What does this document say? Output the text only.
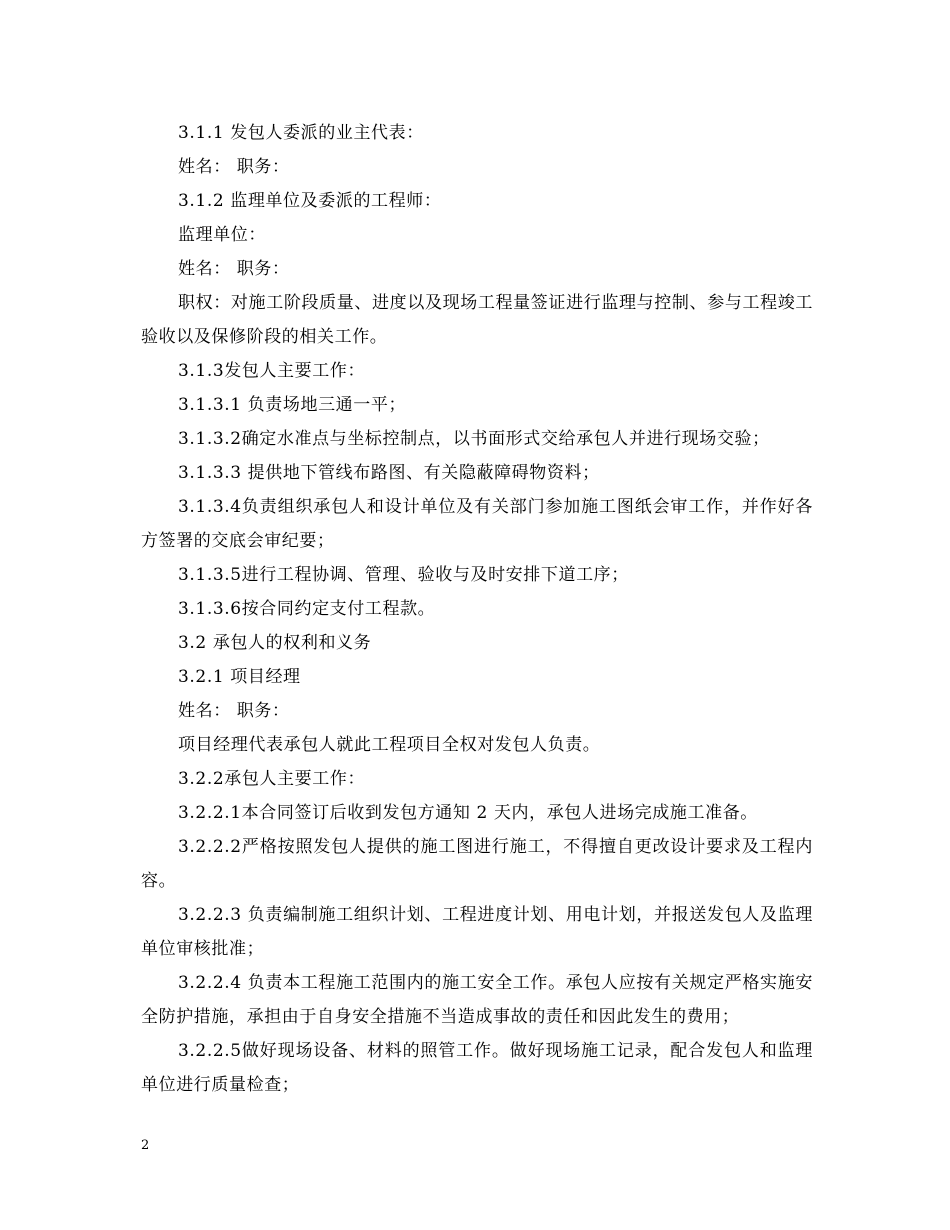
3.1.1 发包人委派的业主代表：

姓名： 职务：

3.1.2 监理单位及委派的工程师：

监理单位：

姓名： 职务：

职权：对施工阶段质量、进度以及现场工程量签证进行监理与控制、参与工程竣工验收以及保修阶段的相关工作。

3.1.3发包人主要工作：

3.1.3.1 负责场地三通一平；

3.1.3.2确定水准点与坐标控制点，以书面形式交给承包人并进行现场交验；

3.1.3.3 提供地下管线布路图、有关隐蔽障碍物资料；

3.1.3.4负责组织承包人和设计单位及有关部门参加施工图纸会审工作，并作好各方签署的交底会审纪要；

3.1.3.5进行工程协调、管理、验收与及时安排下道工序；

3.1.3.6按合同约定支付工程款。

3.2 承包人的权利和义务

3.2.1 项目经理

姓名： 职务：

项目经理代表承包人就此工程项目全权对发包人负责。

3.2.2承包人主要工作：

3.2.2.1本合同签订后收到发包方通知 2 天内，承包人进场完成施工准备。

3.2.2.2严格按照发包人提供的施工图进行施工，不得擅自更改设计要求及工程内容。

3.2.2.3 负责编制施工组织计划、工程进度计划、用电计划，并报送发包人及监理单位审核批准；

3.2.2.4 负责本工程施工范围内的施工安全工作。承包人应按有关规定严格实施安全防护措施，承担由于自身安全措施不当造成事故的责任和因此发生的费用；

3.2.2.5做好现场设备、材料的照管工作。做好现场施工记录，配合发包人和监理单位进行质量检查；

2
